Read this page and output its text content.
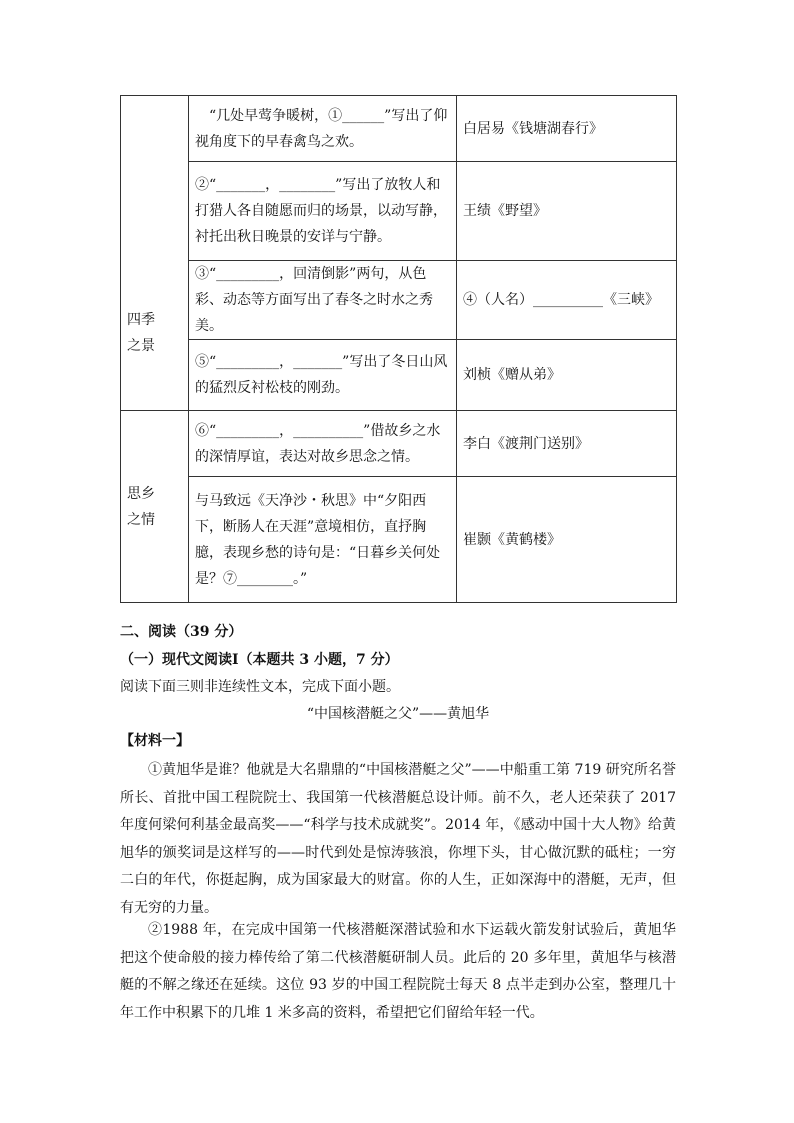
四季之景	“几处早莺争暖树，①______”写出了仰视角度下的早春禽鸟之欢。	白居易《钱塘湖春行》
	②“_______，________”写出了放牧人和打猎人各自随愿而归的场景，以动写静，衬托出秋日晚景的安详与宁静。	王绩《野望》
	③“_________，回清倒影”两句，从色彩、动态等方面写出了春冬之时水之秀美。	④（人名）__________《三峡》
	⑤“_________，_______”写出了冬日山风的猛烈反衬松枝的刚劲。	刘桢《赠从弟》
思乡之情	⑥“_________，__________”借故乡之水的深情厚谊，表达对故乡思念之情。	李白《渡荆门送别》
	与马致远《天净沙・秋思》中“夕阳西下，断肠人在天涯”意境相仿，直抒胸臆，表现乡愁的诗句是：“日暮乡关何处是？⑦________。”	崔颢《黄鹤楼》
二、阅读（39 分）
（一）现代文阅读Ⅰ（本题共 3 小题，7 分）
阅读下面三则非连续性文本，完成下面小题。
“中国核潜艇之父”——黄旭华
【材料一】
①黄旭华是谁？他就是大名鼎鼎的“中国核潜艇之父”——中船重工第 719 研究所名誉所长、首批中国工程院院士、我国第一代核潜艇总设计师。前不久，老人还荣获了 2017 年度何梁何利基金最高奖——“科学与技术成就奖”。2014 年，《感动中国十大人物》给黄旭华的颁奖词是这样写的——时代到处是惊涛骇浪，你埋下头，甘心做沉默的砥柱；一穷二白的年代，你挺起胸，成为国家最大的财富。你的人生，正如深海中的潜艇，无声，但有无穷的力量。
②1988 年，在完成中国第一代核潜艇深潜试验和水下运载火箭发射试验后，黄旭华把这个使命般的接力棒传给了第二代核潜艇研制人员。此后的 20 多年里，黄旭华与核潜艇的不解之缘还在延续。这位 93 岁的中国工程院院士每天 8 点半走到办公室，整理几十年工作中积累下的几堆 1 米多高的资料，希望把它们留给年轻一代。
